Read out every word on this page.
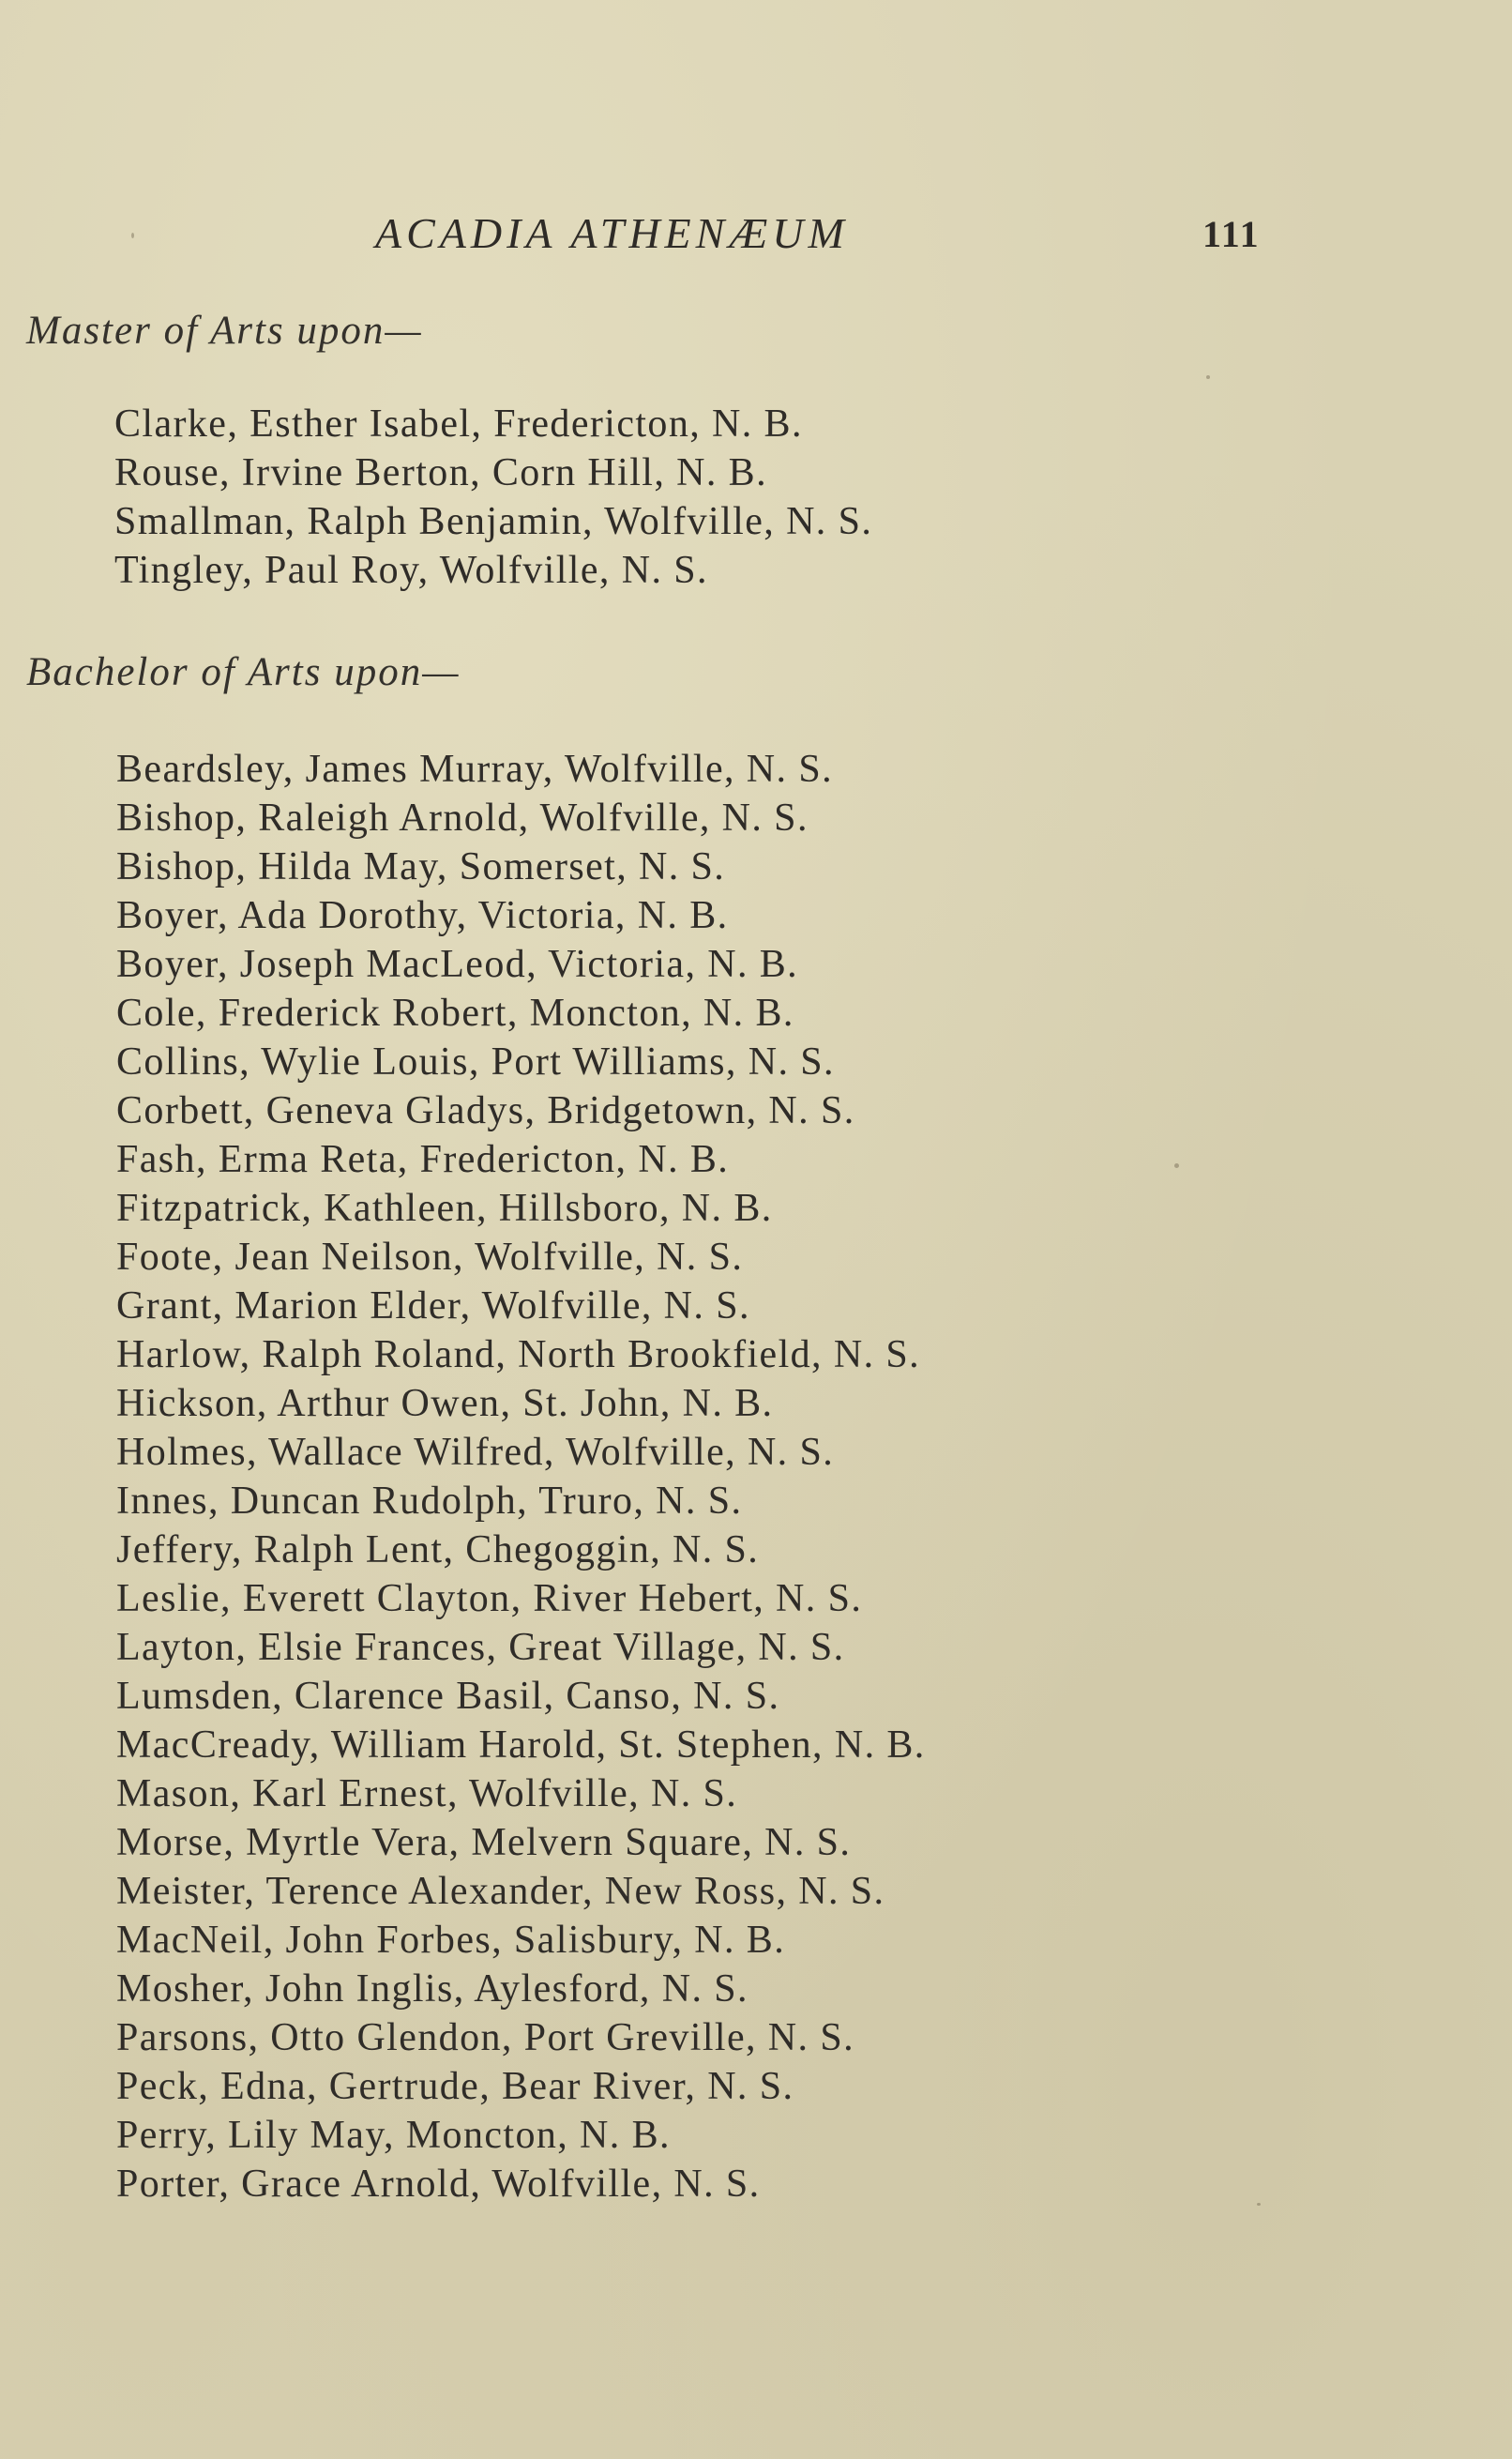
ACADIA ATHENÆUM	111
Master of Arts upon—
Clarke, Esther Isabel, Fredericton, N. B.
Rouse, Irvine Berton, Corn Hill, N. B.
Smallman, Ralph Benjamin, Wolfville, N. S.
Tingley, Paul Roy, Wolfville, N. S.
Bachelor of Arts upon—
Beardsley, James Murray, Wolfville, N. S.
Bishop, Raleigh Arnold, Wolfville, N. S.
Bishop, Hilda May, Somerset, N. S.
Boyer, Ada Dorothy, Victoria, N. B.
Boyer, Joseph MacLeod, Victoria, N. B.
Cole, Frederick Robert, Moncton, N. B.
Collins, Wylie Louis, Port Williams, N. S.
Corbett, Geneva Gladys, Bridgetown, N. S.
Fash, Erma Reta, Fredericton, N. B.
Fitzpatrick, Kathleen, Hillsboro, N. B.
Foote, Jean Neilson, Wolfville, N. S.
Grant, Marion Elder, Wolfville, N. S.
Harlow, Ralph Roland, North Brookfield, N. S.
Hickson, Arthur Owen, St. John, N. B.
Holmes, Wallace Wilfred, Wolfville, N. S.
Innes, Duncan Rudolph, Truro, N. S.
Jeffery, Ralph Lent, Chegoggin, N. S.
Leslie, Everett Clayton, River Hebert, N. S.
Layton, Elsie Frances, Great Village, N. S.
Lumsden, Clarence Basil, Canso, N. S.
MacCready, William Harold, St. Stephen, N. B.
Mason, Karl Ernest, Wolfville, N. S.
Morse, Myrtle Vera, Melvern Square, N. S.
Meister, Terence Alexander, New Ross, N. S.
MacNeil, John Forbes, Salisbury, N. B.
Mosher, John Inglis, Aylesford, N. S.
Parsons, Otto Glendon, Port Greville, N. S.
Peck, Edna, Gertrude, Bear River, N. S.
Perry, Lily May, Moncton, N. B.
Porter, Grace Arnold, Wolfville, N. S.
